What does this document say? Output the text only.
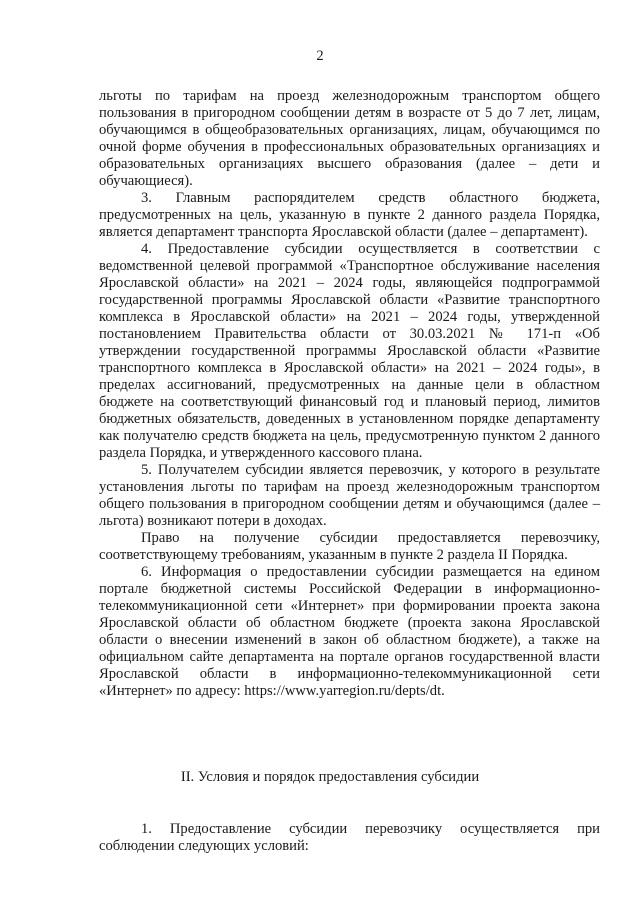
2

льготы по тарифам на проезд железнодорожным транспортом общего пользования в пригородном сообщении детям в возрасте от 5 до 7 лет, лицам, обучающимся в общеобразовательных организациях, лицам, обучающимся по очной форме обучения в профессиональных образовательных организациях и образовательных организациях высшего образования (далее – дети и обучающиеся).

3. Главным распорядителем средств областного бюджета, предусмотренных на цель, указанную в пункте 2 данного раздела Порядка, является департамент транспорта Ярославской области (далее – департамент).

4. Предоставление субсидии осуществляется в соответствии с ведомственной целевой программой «Транспортное обслуживание населения Ярославской области» на 2021 – 2024 годы, являющейся подпрограммой государственной программы Ярославской области «Развитие транспортного комплекса в Ярославской области» на 2021 – 2024 годы, утвержденной постановлением Правительства области от 30.03.2021 № 171-п «Об утверждении государственной программы Ярославской области «Развитие транспортного комплекса в Ярославской области» на 2021 – 2024 годы», в пределах ассигнований, предусмотренных на данные цели в областном бюджете на соответствующий финансовый год и плановый период, лимитов бюджетных обязательств, доведенных в установленном порядке департаменту как получателю средств бюджета на цель, предусмотренную пунктом 2 данного раздела Порядка, и утвержденного кассового плана.

5. Получателем субсидии является перевозчик, у которого в результате установления льготы по тарифам на проезд железнодорожным транспортом общего пользования в пригородном сообщении детям и обучающимся (далее – льгота) возникают потери в доходах.

Право на получение субсидии предоставляется перевозчику, соответствующему требованиям, указанным в пункте 2 раздела II Порядка.

6. Информация о предоставлении субсидии размещается на едином портале бюджетной системы Российской Федерации в информационно-телекоммуникационной сети «Интернет» при формировании проекта закона Ярославской области об областном бюджете (проекта закона Ярославской области о внесении изменений в закон об областном бюджете), а также на официальном сайте департамента на портале органов государственной власти Ярославской области в информационно-телекоммуникационной сети «Интернет» по адресу: https://www.yarregion.ru/depts/dt.

II. Условия и порядок предоставления субсидии

1. Предоставление субсидии перевозчику осуществляется при соблюдении следующих условий:
